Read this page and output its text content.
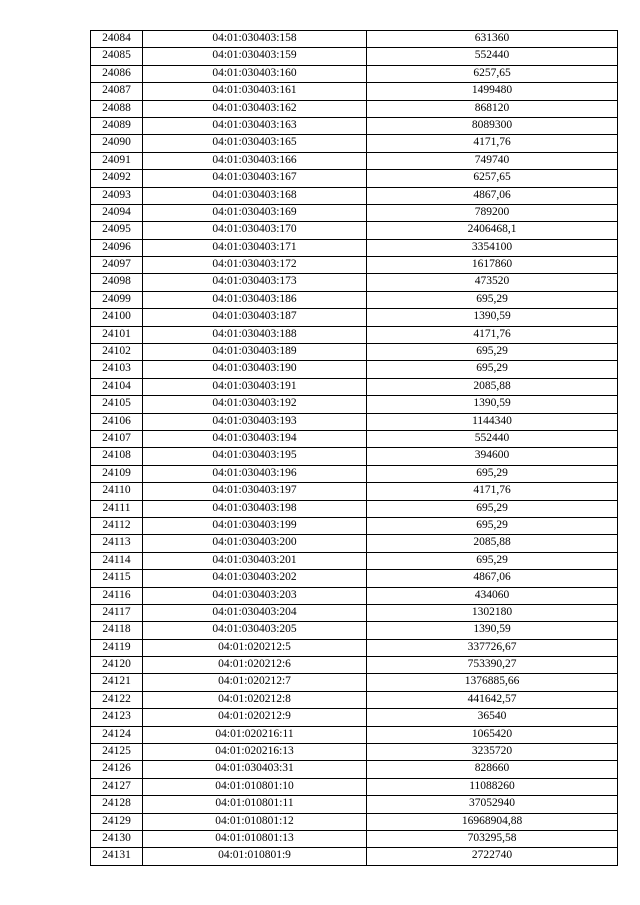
24084	04:01:030403:158	631360
24085	04:01:030403:159	552440
24086	04:01:030403:160	6257,65
24087	04:01:030403:161	1499480
24088	04:01:030403:162	868120
24089	04:01:030403:163	8089300
24090	04:01:030403:165	4171,76
24091	04:01:030403:166	749740
24092	04:01:030403:167	6257,65
24093	04:01:030403:168	4867,06
24094	04:01:030403:169	789200
24095	04:01:030403:170	2406468,1
24096	04:01:030403:171	3354100
24097	04:01:030403:172	1617860
24098	04:01:030403:173	473520
24099	04:01:030403:186	695,29
24100	04:01:030403:187	1390,59
24101	04:01:030403:188	4171,76
24102	04:01:030403:189	695,29
24103	04:01:030403:190	695,29
24104	04:01:030403:191	2085,88
24105	04:01:030403:192	1390,59
24106	04:01:030403:193	1144340
24107	04:01:030403:194	552440
24108	04:01:030403:195	394600
24109	04:01:030403:196	695,29
24110	04:01:030403:197	4171,76
24111	04:01:030403:198	695,29
24112	04:01:030403:199	695,29
24113	04:01:030403:200	2085,88
24114	04:01:030403:201	695,29
24115	04:01:030403:202	4867,06
24116	04:01:030403:203	434060
24117	04:01:030403:204	1302180
24118	04:01:030403:205	1390,59
24119	04:01:020212:5	337726,67
24120	04:01:020212:6	753390,27
24121	04:01:020212:7	1376885,66
24122	04:01:020212:8	441642,57
24123	04:01:020212:9	36540
24124	04:01:020216:11	1065420
24125	04:01:020216:13	3235720
24126	04:01:030403:31	828660
24127	04:01:010801:10	11088260
24128	04:01:010801:11	37052940
24129	04:01:010801:12	16968904,88
24130	04:01:010801:13	703295,58
24131	04:01:010801:9	2722740
